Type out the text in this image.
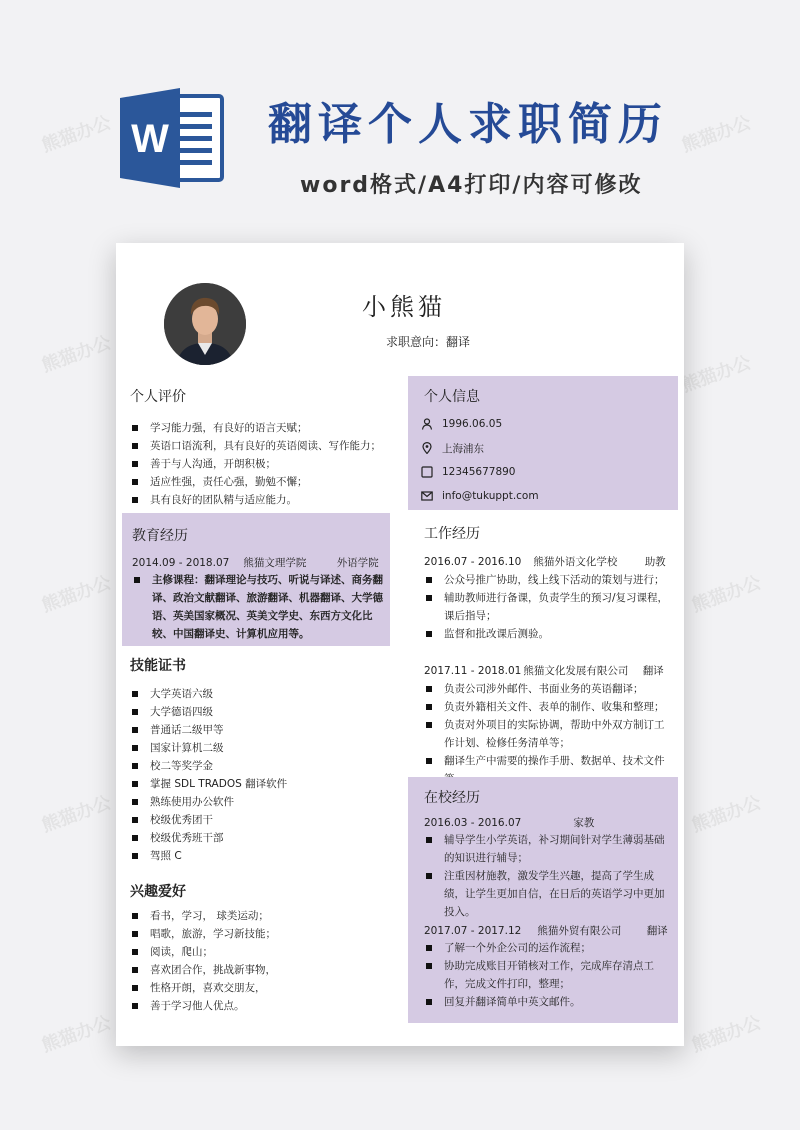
熊猫办公	熊猫办公
熊猫办公	熊猫办公
熊猫办公	熊猫办公
熊猫办公	熊猫办公
熊猫办公	熊猫办公
W 翻译个人求职简历
word格式/A4打印/内容可修改
小熊猫
求职意向：翻译
个人评价
学习能力强，有良好的语言天赋；
英语口语流利，具有良好的英语阅读、写作能力；
善于与人沟通，开朗积极；
适应性强，责任心强，勤勉不懈；
具有良好的团队精与适应能力。
个人信息
1996.06.05
上海浦东
12345677890
info@tukuppt.com
教育经历
2014.09 - 2018.07 熊猫文理学院	外语学院
主修课程：翻译理论与技巧、听说与译述、商务翻译、政治文献翻译、旅游翻译、机器翻译、大学德语、英美国家概况、英美文学史、东西方文化比较、中国翻译史、计算机应用等。
工作经历
2016.07 - 2016.10 熊猫外语文化学校	助教
公众号推广协助，线上线下活动的策划与进行；
辅助教师进行备课，负责学生的预习/复习课程，课后指导；
监督和批改课后测验。
2017.11 - 2018.01 熊猫文化发展有限公司 翻译
负责公司涉外邮件、书面业务的英语翻译；
负责外籍相关文件、表单的制作、收集和整理；
负责对外项目的实际协调，帮助中外双方制订工作计划、检修任务清单等；
翻译生产中需要的操作手册、数据单、技术文件
技能证书
大学英语六级
大学德语四级
普通话二级甲等
国家计算机二级
校二等奖学金
掌握 SDL TRADOS 翻译软件
熟练使用办公软件
校级优秀团干
校级优秀班干部
驾照 C
兴趣爱好
看书，学习， 球类运动；
唱歌，旅游，学习新技能；
阅读，爬山；
喜欢团合作，挑战新事物，
性格开朗，喜欢交朋友，
善于学习他人优点。
在校经历
2016.03 - 2016.07	家教
辅导学生小学英语，补习期间针对学生薄弱基础的知识进行辅导；
注重因材施教，激发学生兴趣，提高了学生成绩，让学生更加自信，在日后的英语学习中更加投入。
2017.07 - 2017.12 熊猫外贸有限公司 翻译
了解一个外企公司的运作流程；
协助完成账目开销核对工作，完成库存清点工作，完成文件打印，整理；
回复并翻译简单中英文邮件。
